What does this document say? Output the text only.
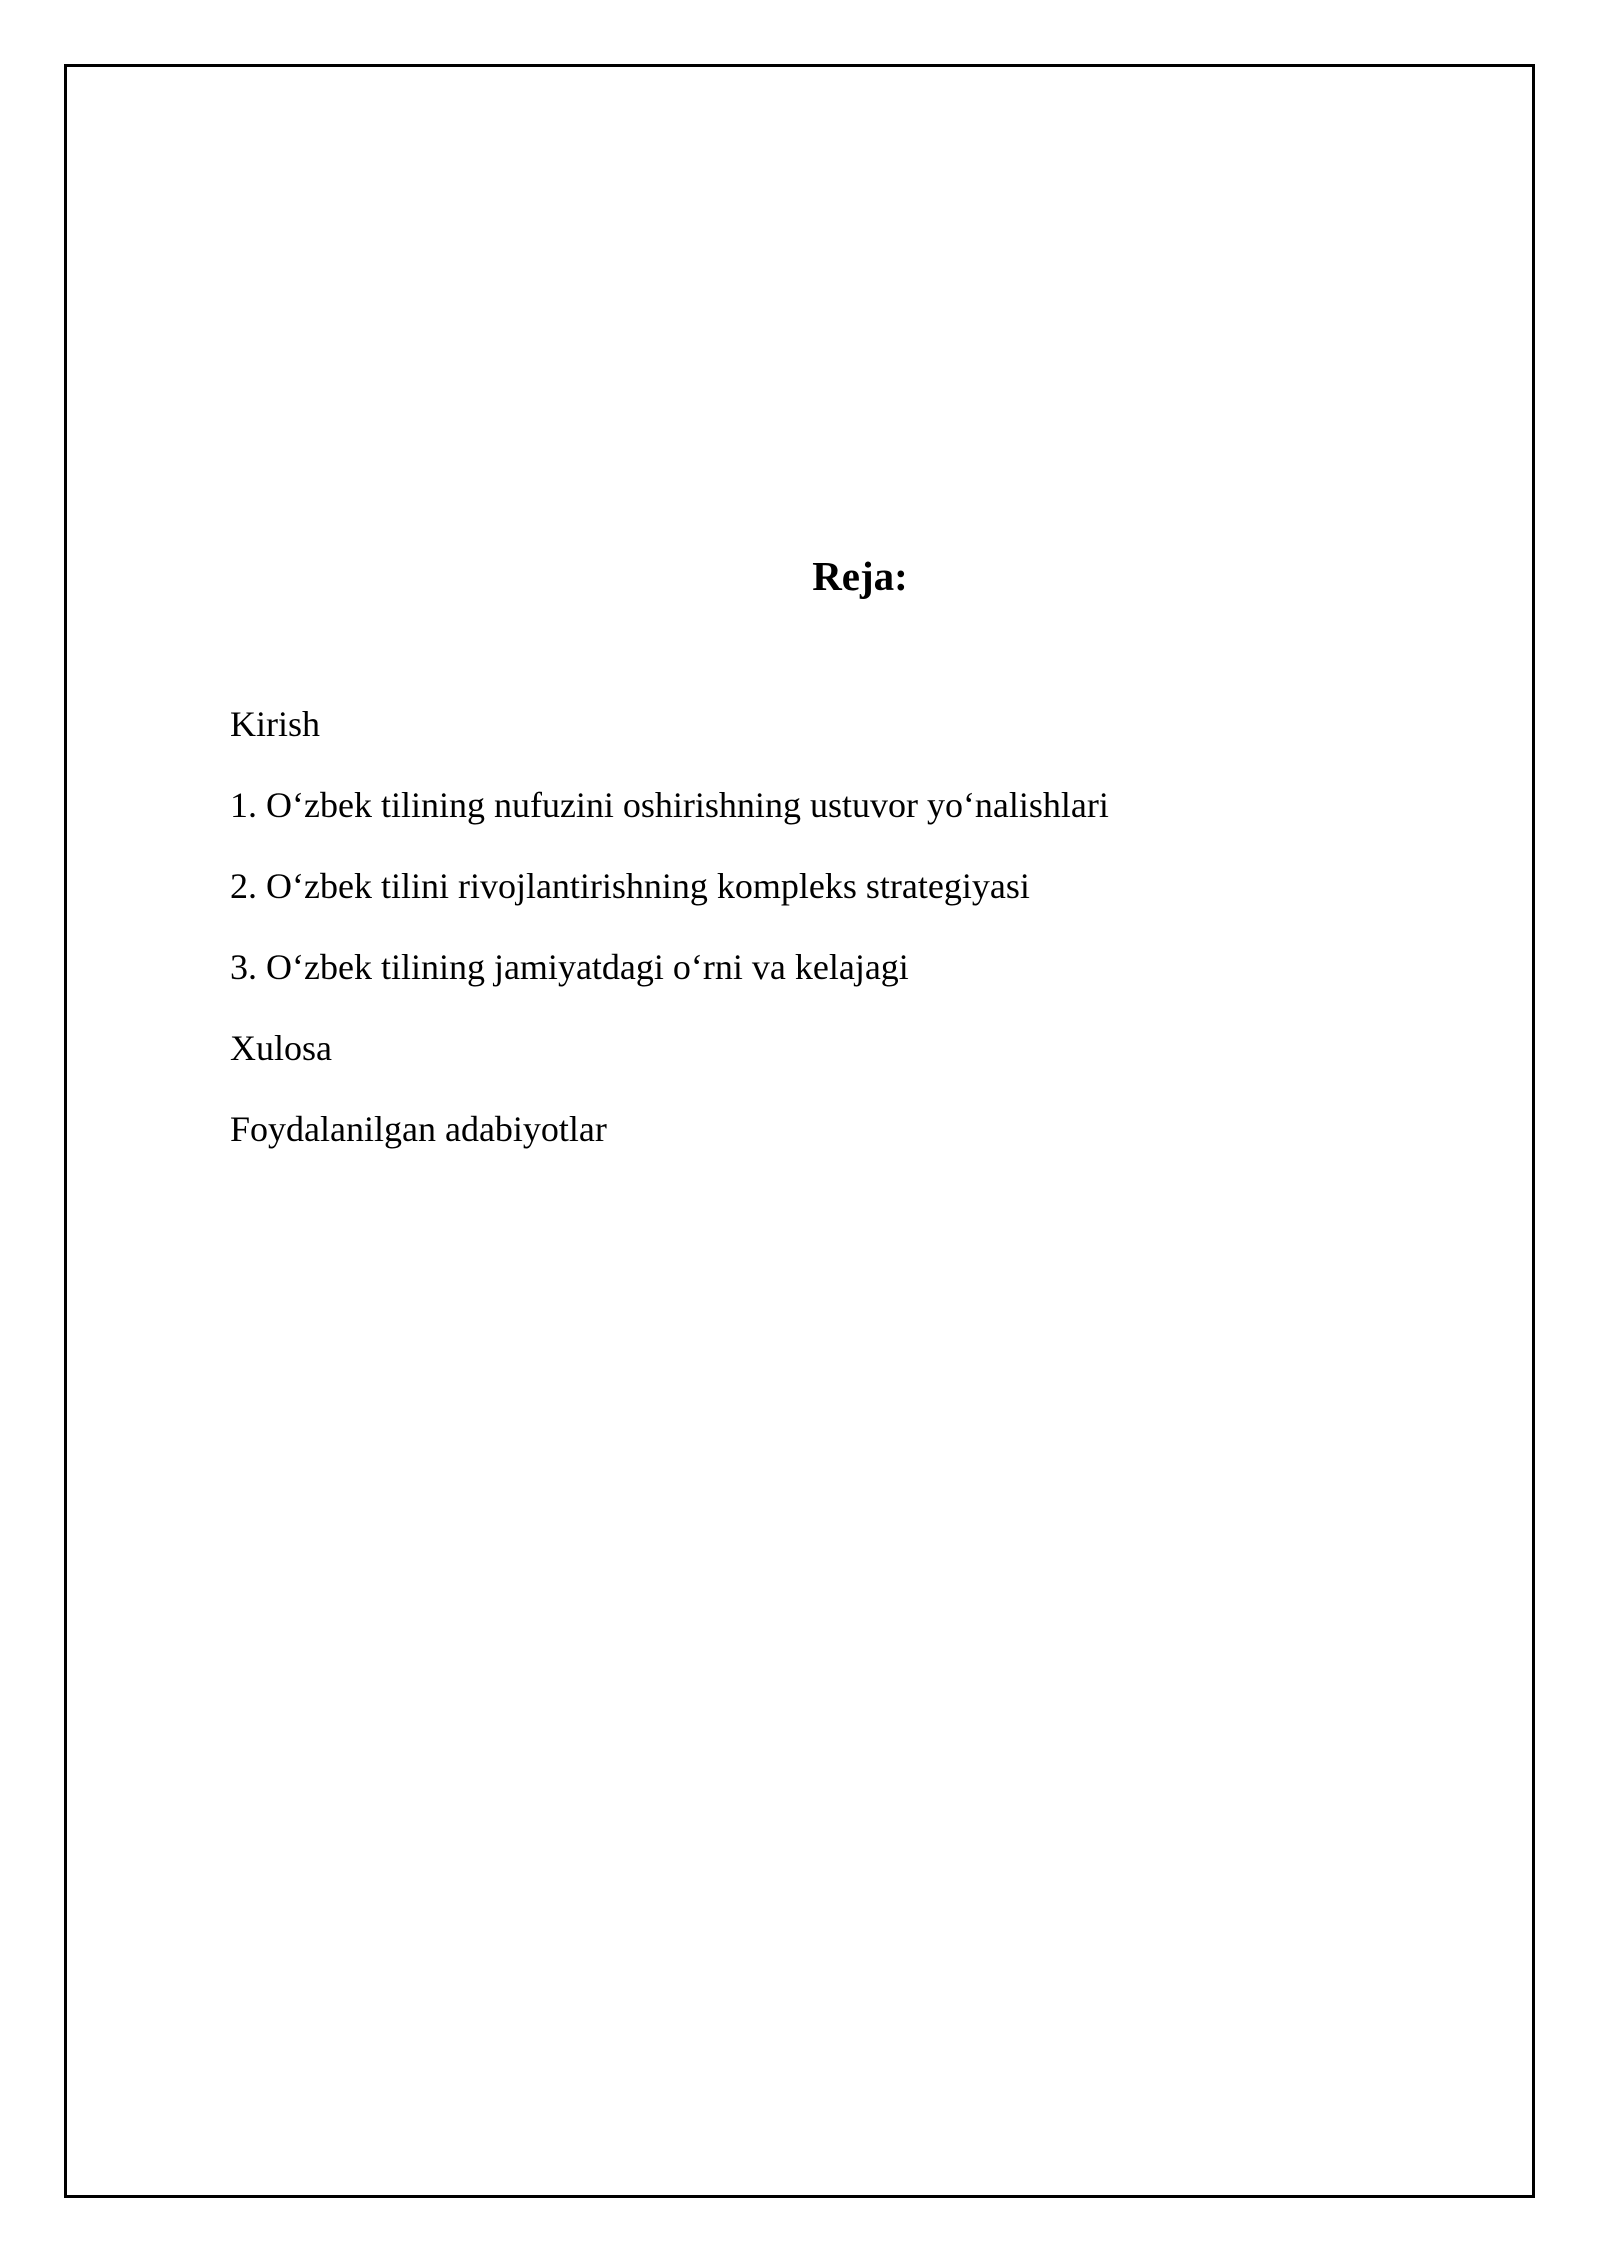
Reja:
Kirish
1. O‘zbek tilining nufuzini oshirishning ustuvor yo‘nalishlari
2. O‘zbek tilini rivojlantirishning kompleks strategiyasi
3. O‘zbek tilining jamiyatdagi o‘rni va kelajagi
Xulosa
Foydalanilgan adabiyotlar
